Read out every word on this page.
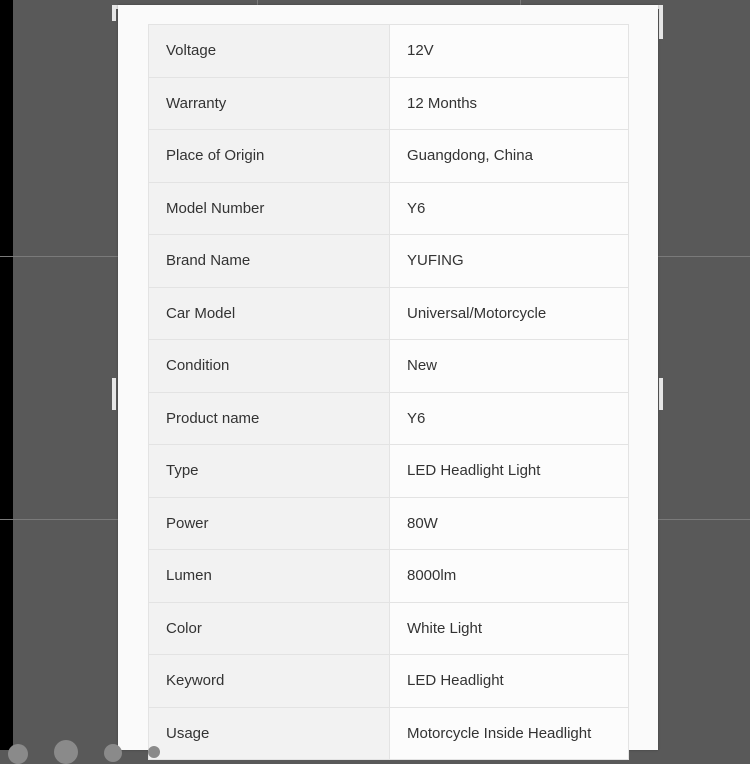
Voltage	12V
Warranty	12 Months
Place of Origin	Guangdong, China
Model Number	Y6
Brand Name	YUFING
Car Model	Universal/Motorcycle
Condition	New
Product name	Y6
Type	LED Headlight Light
Power	80W
Lumen	8000lm
Color	White Light
Keyword	LED Headlight
Usage	Motorcycle Inside Headlight
